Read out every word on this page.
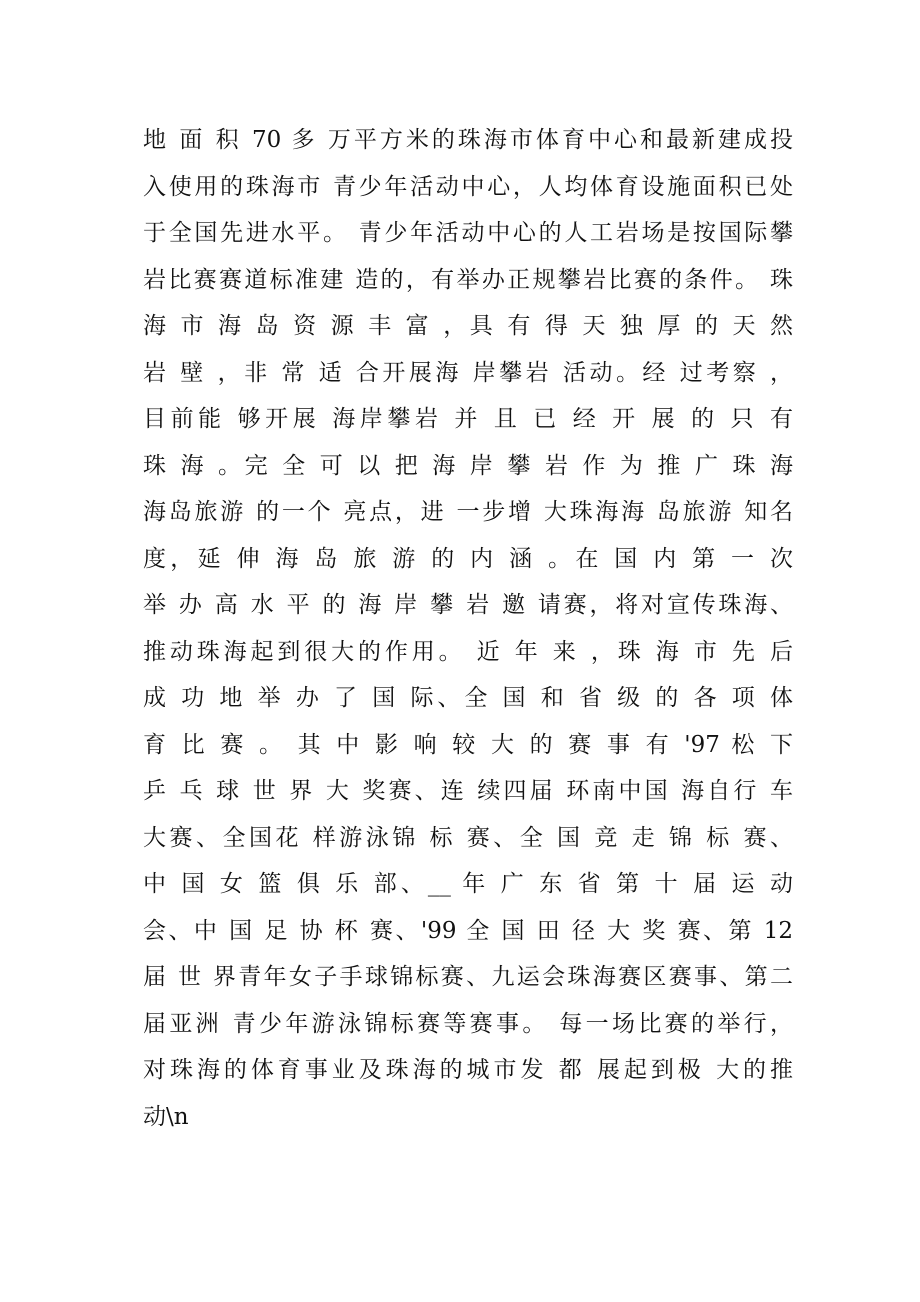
地 面 积 70 多 万平方米的珠海市体育中心和最新建成投
入使用的珠海市 青少年活动中心，人均体育设施面积已处
于全国先进水平。 青少年活动中心的人工岩场是按国际攀
岩比赛赛道标准建 造的，有举办正规攀岩比赛的条件。 珠
海 市 海 岛 资 源 丰 富 ，具 有 得 天 独 厚 的 天 然
岩 壁 ，非 常 适 合开展海 岸攀岩 活动。经 过考察 ，
目前能 够开展 海岸攀岩 并 且 已 经 开 展 的 只 有
珠 海 。完 全 可 以 把 海 岸 攀 岩 作 为 推 广 珠 海
海岛旅游 的一个 亮点，进 一步增 大珠海海 岛旅游 知名
度，延 伸 海 岛 旅 游 的 内 涵 。在 国 内 第 一 次
举 办 高 水 平 的 海 岸 攀 岩 邀 请赛，将对宣传珠海、
推动珠海起到很大的作用。 近 年 来 ，珠 海 市 先 后
成 功 地 举 办 了 国 际、全 国 和 省 级 的 各 项 体
育 比 赛 。 其 中 影 响 较 大 的 赛 事 有 '97 松 下
乒 乓 球 世 界 大 奖赛、连 续四届 环南中国 海自行 车
大赛、全国花 样游泳锦 标 赛、全 国 竞 走 锦 标 赛、
中 国 女 篮 俱 乐 部、__ 年 广 东 省 第 十 届 运 动
会、中 国 足 协 杯 赛、'99 全 国 田 径 大 奖 赛、第 12
届 世 界青年女子手球锦标赛、九运会珠海赛区赛事、第二
届亚洲 青少年游泳锦标赛等赛事。 每一场比赛的举行，
对珠海的体育事业及珠海的城市发 都 展起到极 大的推
动\n
